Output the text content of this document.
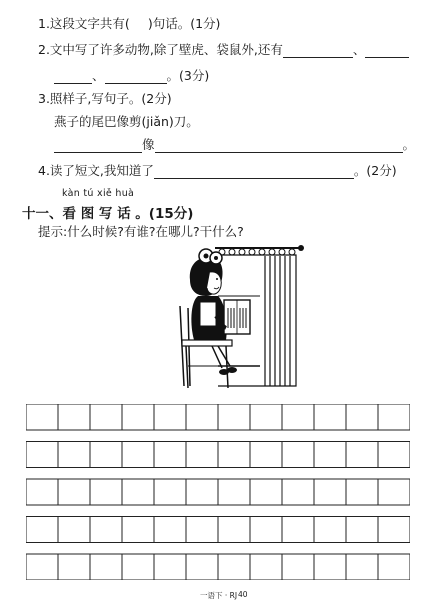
1.这段文字共有( )句话。(1分)
2.文中写了许多动物,除了壁虎、袋鼠外,还有	、
、	。(3分)
3.照样子,写句子。(2分)
燕子的尾巴像剪(jiǎn)刀。
像	。
4.读了短文,我知道了	。(2分)
kàn tú xiě huà
十一、看 图 写 话 。(15分)
提示:什么时候?有谁?在哪儿?干什么?
一语下 · RJ 40
